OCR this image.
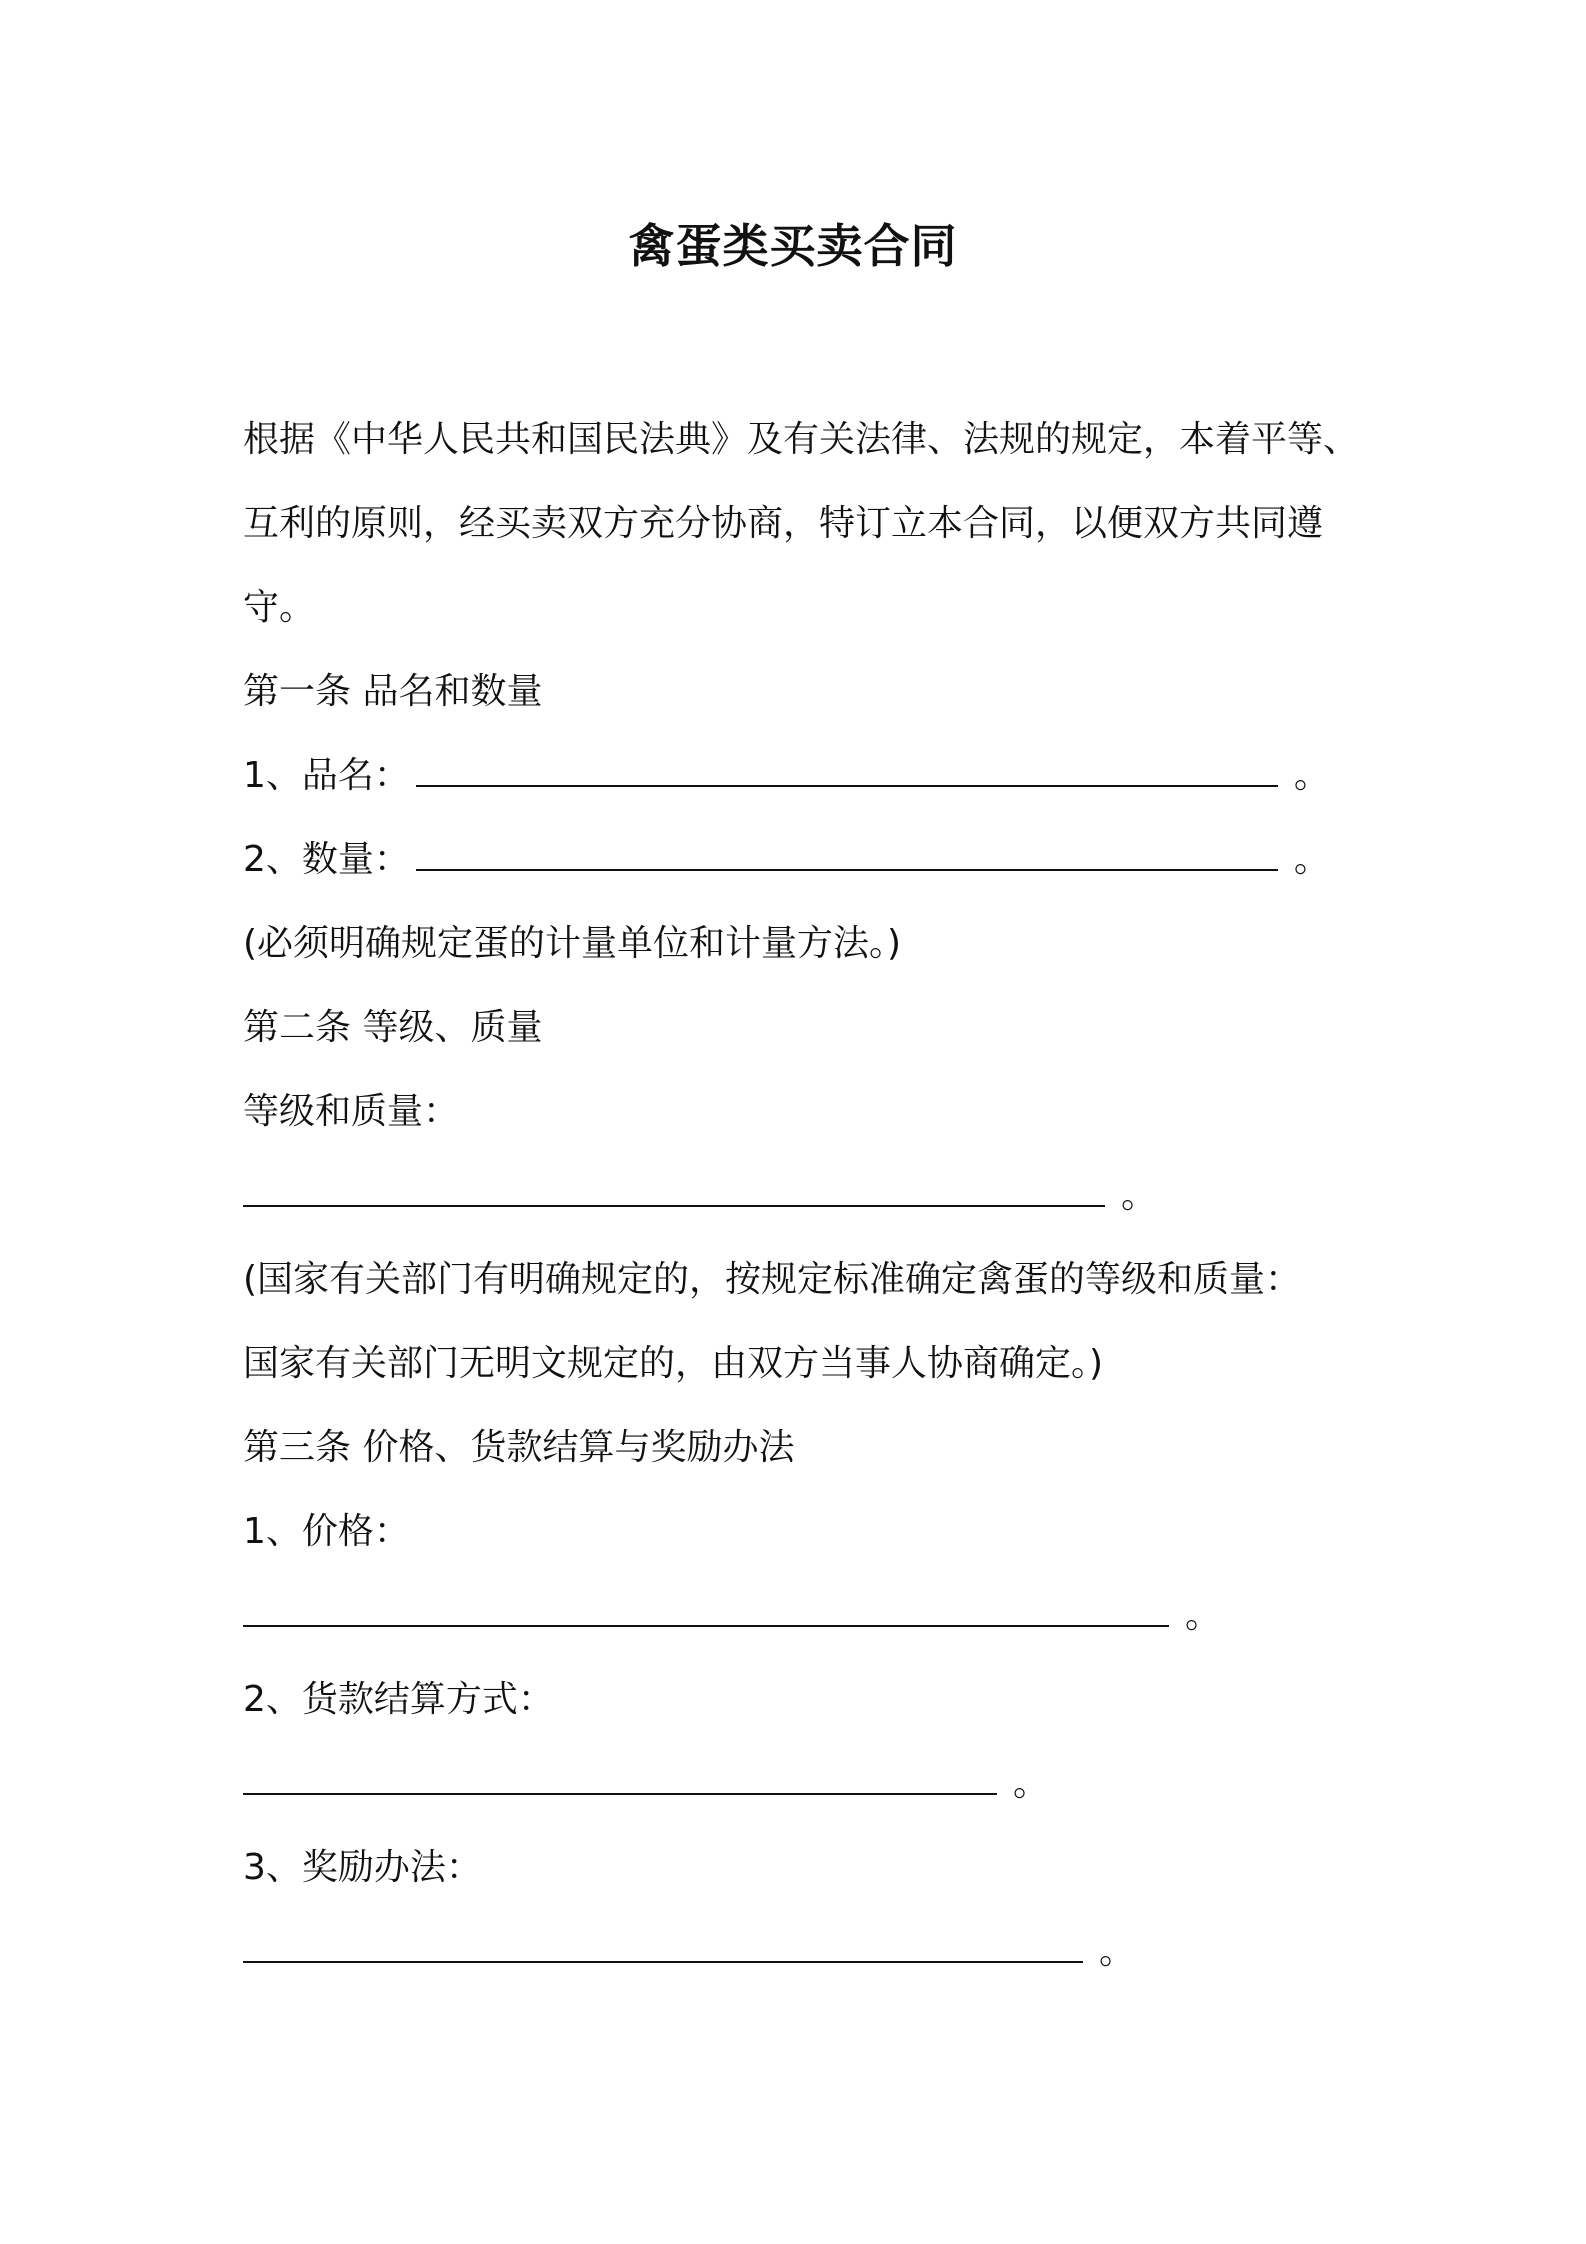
禽蛋类买卖合同
根据《中华人民共和国民法典》及有关法律、法规的规定，本着平等、
互利的原则，经买卖双方充分协商，特订立本合同，以便双方共同遵
守。
第一条 品名和数量
1、品名：	。
2、数量：	。
(必须明确规定蛋的计量单位和计量方法。)
第二条 等级、质量
等级和质量：
。
(国家有关部门有明确规定的，按规定标准确定禽蛋的等级和质量：
国家有关部门无明文规定的，由双方当事人协商确定。)
第三条 价格、货款结算与奖励办法
1、价格：
。
2、货款结算方式：
。
3、奖励办法：
。
